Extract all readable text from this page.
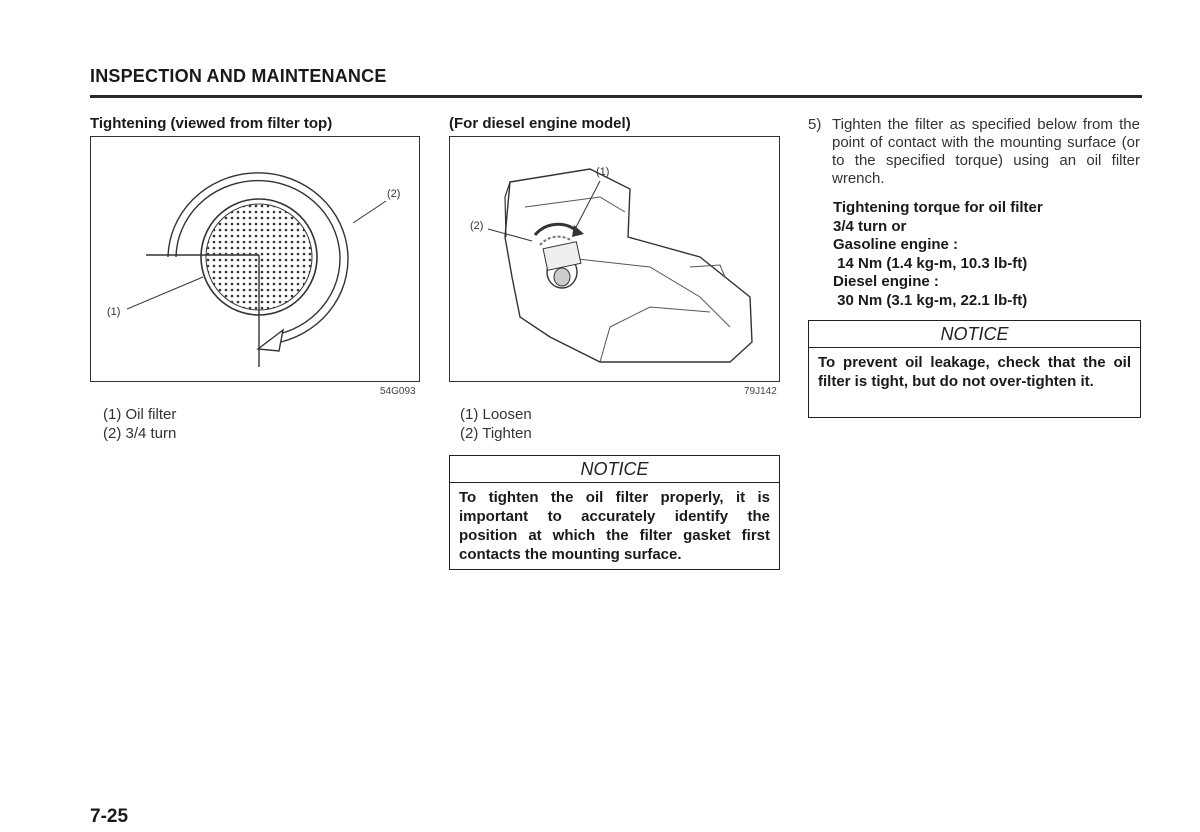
INSPECTION AND MAINTENANCE
Tightening (viewed from filter top)
(1)
(2)
54G093
(1) Oil filter
(2) 3/4 turn
(For diesel engine model)
(1)
(2)
79J142
(1) Loosen
(2) Tighten
NOTICE
To tighten the oil filter properly, it is important to accurately identify the position at which the filter gasket first contacts the mounting surface.
5) Tighten the filter as specified below from the point of contact with the mounting surface (or to the specified torque) using an oil filter wrench.
Tightening torque for oil filter
3/4 turn or
Gasoline engine :
14 Nm (1.4 kg-m, 10.3 lb-ft)
Diesel engine :
30 Nm (3.1 kg-m, 22.1 lb-ft)
NOTICE
To prevent oil leakage, check that the oil filter is tight, but do not over-tighten it.
7-25
